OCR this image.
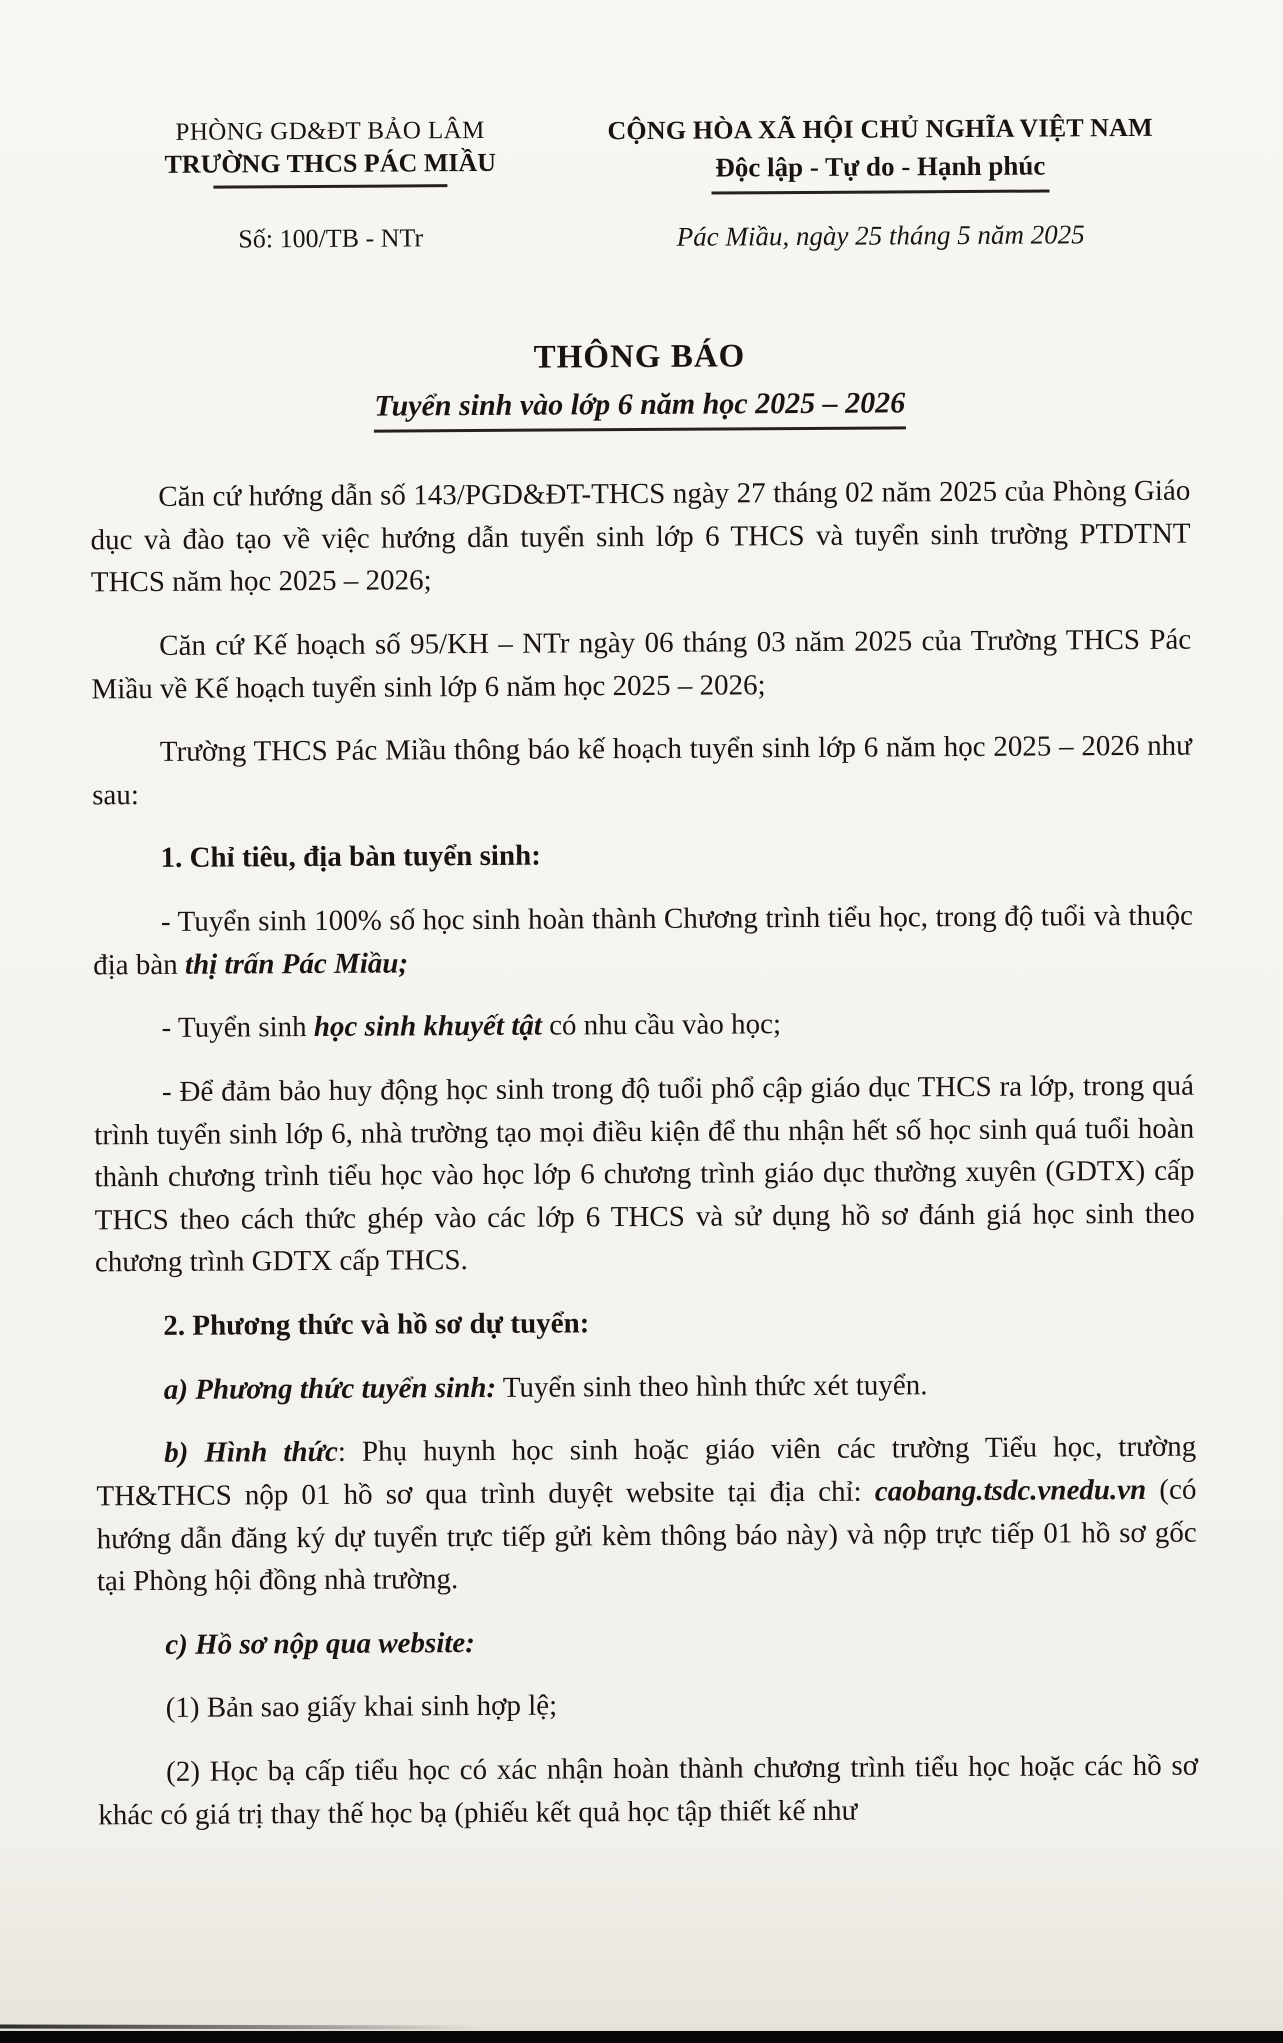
PHÒNG GD&ĐT BẢO LÂM
TRƯỜNG THCS PÁC MIẦU
CỘNG HÒA XÃ HỘI CHỦ NGHĨA VIỆT NAM
Độc lập - Tự do - Hạnh phúc
Số: 100/TB - NTr	Pác Miầu, ngày 25 tháng 5 năm 2025
THÔNG BÁO
Tuyển sinh vào lớp 6 năm học 2025 – 2026

Căn cứ hướng dẫn số 143/PGD&ĐT-THCS ngày 27 tháng 02 năm 2025 của Phòng Giáo dục và đào tạo về việc hướng dẫn tuyển sinh lớp 6 THCS và tuyển sinh trường PTDTNT THCS năm học 2025 – 2026;

Căn cứ Kế hoạch số 95/KH – NTr ngày 06 tháng 03 năm 2025 của Trường THCS Pác Miầu về Kế hoạch tuyển sinh lớp 6 năm học 2025 – 2026;

Trường THCS Pác Miầu thông báo kế hoạch tuyển sinh lớp 6 năm học 2025 – 2026 như sau:

1. Chỉ tiêu, địa bàn tuyển sinh:

- Tuyển sinh 100% số học sinh hoàn thành Chương trình tiểu học, trong độ tuổi và thuộc địa bàn thị trấn Pác Miầu;

- Tuyển sinh học sinh khuyết tật có nhu cầu vào học;

- Để đảm bảo huy động học sinh trong độ tuổi phổ cập giáo dục THCS ra lớp, trong quá trình tuyển sinh lớp 6, nhà trường tạo mọi điều kiện để thu nhận hết số học sinh quá tuổi hoàn thành chương trình tiểu học vào học lớp 6 chương trình giáo dục thường xuyên (GDTX) cấp THCS theo cách thức ghép vào các lớp 6 THCS và sử dụng hồ sơ đánh giá học sinh theo chương trình GDTX cấp THCS.

2. Phương thức và hồ sơ dự tuyển:

a) Phương thức tuyển sinh: Tuyển sinh theo hình thức xét tuyển.

b) Hình thức: Phụ huynh học sinh hoặc giáo viên các trường Tiểu học, trường TH&THCS nộp 01 hồ sơ qua trình duyệt website tại địa chỉ: caobang.tsdc.vnedu.vn (có hướng dẫn đăng ký dự tuyển trực tiếp gửi kèm thông báo này) và nộp trực tiếp 01 hồ sơ gốc tại Phòng hội đồng nhà trường.

c) Hồ sơ nộp qua website:

(1) Bản sao giấy khai sinh hợp lệ;

(2) Học bạ cấp tiểu học có xác nhận hoàn thành chương trình tiểu học hoặc các hồ sơ khác có giá trị thay thế học bạ (phiếu kết quả học tập thiết kế như
